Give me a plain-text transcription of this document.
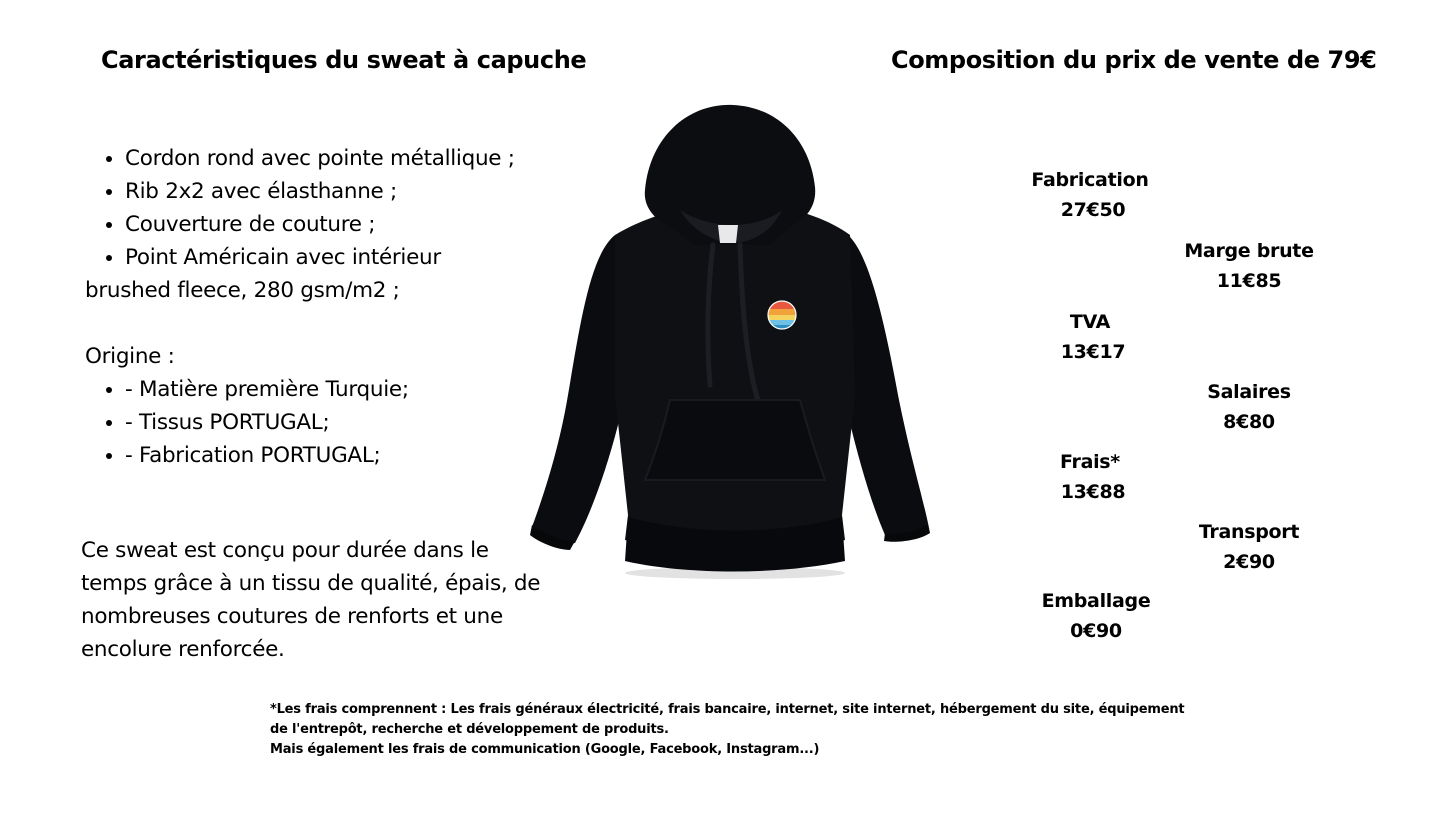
Caractéristiques du sweat à capuche	Composition du prix de vente de 79€
• Cordon rond avec pointe métallique ;
• Rib 2x2 avec élasthanne ;
• Couverture de couture ;
• Point Américain avec intérieur

brushed fleece, 280 gsm/m2 ;

Origine :

• - Matière première Turquie;
• - Tissus PORTUGAL;
• - Fabrication PORTUGAL;

Ce sweat est conçu pour durée dans le temps grâce à un tissu de qualité, épais, de nombreuses coutures de renforts et une encolure renforcée.

Fabrication
27€50
Marge brute
11€85
TVA
13€17
Salaires
8€80
Frais*
13€88
Transport
2€90
Emballage
0€90

*Les frais comprennent : Les frais généraux électricité, frais bancaire, internet, site internet, hébergement du site, équipement

de l'entrepôt, recherche et développement de produits.

Mais également les frais de communication (Google, Facebook, Instagram...)
